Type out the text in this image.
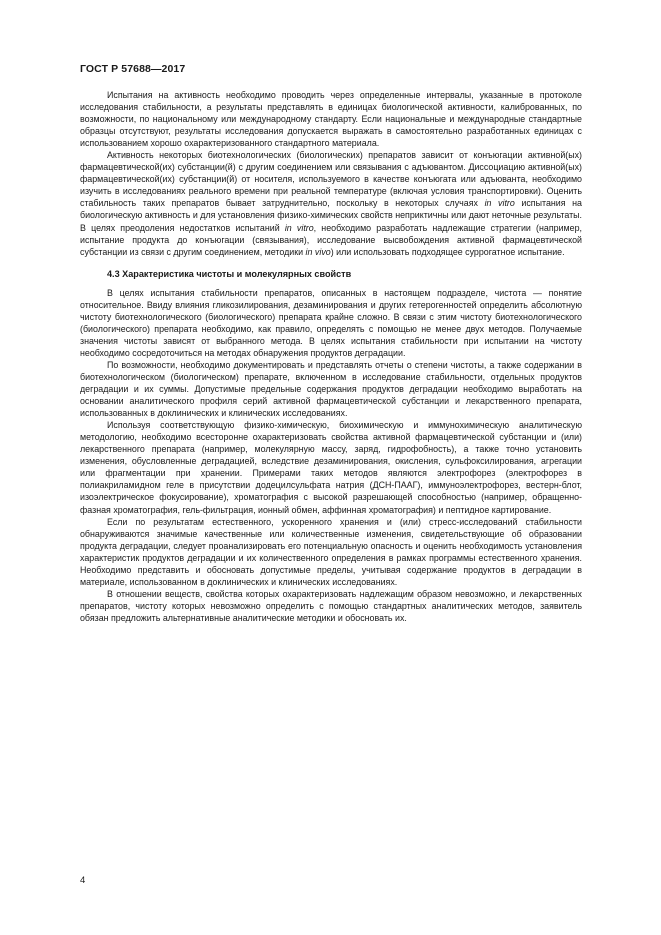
ГОСТ Р 57688—2017

Испытания на активность необходимо проводить через определенные интервалы, указанные в протоколе исследования стабильности, а результаты представлять в единицах биологической активности, калиброванных, по возможности, по национальному или международному стандарту. Если национальные и международные стандартные образцы отсутствуют, результаты исследования допускается выражать в самостоятельно разработанных единицах с использованием хорошо охарактеризованного стандартного материала.

Активность некоторых биотехнологических (биологических) препаратов зависит от конъюгации активной(ых) фармацевтической(их) субстанции(й) с другим соединением или связывания с адъювантом. Диссоциацию активной(ых) фармацевтической(их) субстанции(й) от носителя, используемого в качестве конъюгата или адъюванта, необходимо изучить в исследованиях реального времени при реальной температуре (включая условия транспортировки). Оценить стабильность таких препаратов бывает затруднительно, поскольку в некоторых случаях in vitro испытания на биологическую активность и для установления физико-химических свойств неприктичны или дают неточные результаты. В целях преодоления недостатков испытаний in vitro, необходимо разработать надлежащие стратегии (например, испытание продукта до конъюгации (связывания), исследование высвобождения активной фармацевтической субстанции из связи с другим соединением, методики in vivo) или использовать подходящее суррогатное испытание.

4.3 Характеристика чистоты и молекулярных свойств

В целях испытания стабильности препаратов, описанных в настоящем подразделе, чистота — понятие относительное. Ввиду влияния гликозилирования, дезаминирования и других гетерогенностей определить абсолютную чистоту биотехнологического (биологического) препарата крайне сложно. В связи с этим чистоту биотехнологического (биологического) препарата необходимо, как правило, определять с помощью не менее двух методов. Получаемые значения чистоты зависят от выбранного метода. В целях испытания стабильности при испытании на чистоту необходимо сосредоточиться на методах обнаружения продуктов деградации.

По возможности, необходимо документировать и представлять отчеты о степени чистоты, а также содержании в биотехнологическом (биологическом) препарате, включенном в исследование стабильности, отдельных продуктов деградации и их суммы. Допустимые предельные содержания продуктов деградации необходимо выработать на основании аналитического профиля серий активной фармацевтической субстанции и лекарственного препарата, использованных в доклинических и клинических исследованиях.

Используя соответствующую физико-химическую, биохимическую и иммунохимическую аналитическую методологию, необходимо всесторонне охарактеризовать свойства активной фармацевтической субстанции и (или) лекарственного препарата (например, молекулярную массу, заряд, гидрофобность), а также точно установить изменения, обусловленные деградацией, вследствие дезаминирования, окисления, сульфоксилирования, агрегации или фрагментации при хранении. Примерами таких методов являются электрофорез (электрофорез в полиакриламидном геле в присутствии додецилсульфата натрия (ДСН-ПААГ), иммуноэлектрофорез, вестерн-блот, изоэлектрическое фокусирование), хроматография с высокой разрешающей способностью (например, обращенно-фазная хроматография, гель-фильтрация, ионный обмен, аффинная хроматография) и пептидное картирование.

Если по результатам естественного, ускоренного хранения и (или) стресс-исследований стабильности обнаруживаются значимые качественные или количественные изменения, свидетельствующие об образовании продукта деградации, следует проанализировать его потенциальную опасность и оценить необходимость установления характеристик продуктов деградации и их количественного определения в рамках программы естественного хранения. Необходимо представить и обосновать допустимые пределы, учитывая содержание продуктов в деградации в материале, использованном в доклинических и клинических исследованиях.

В отношении веществ, свойства которых охарактеризовать надлежащим образом невозможно, и лекарственных препаратов, чистоту которых невозможно определить с помощью стандартных аналитических методов, заявитель обязан предложить альтернативные аналитические методики и обосновать их.

4
